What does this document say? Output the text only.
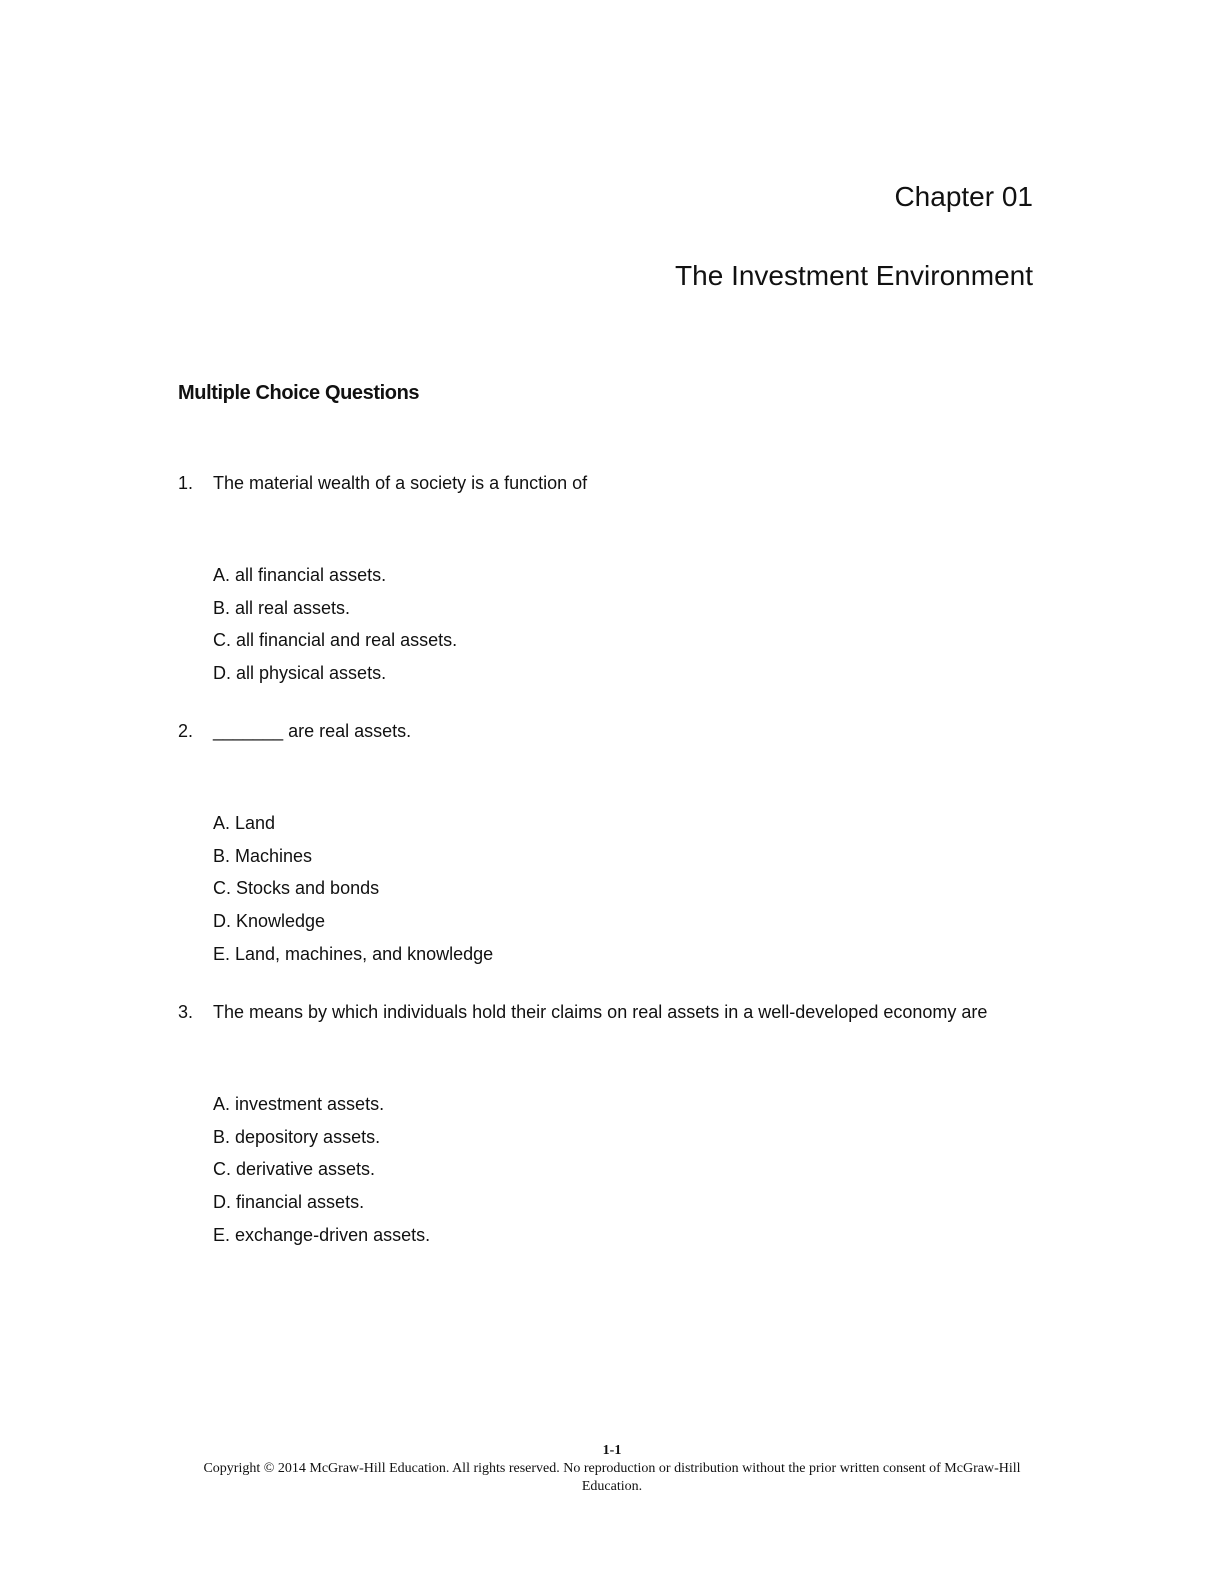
Chapter 01
The Investment Environment
Multiple Choice Questions
1. The material wealth of a society is a function of
A. all financial assets.
B. all real assets.
C. all financial and real assets.
D. all physical assets.
2. _______ are real assets.
A. Land
B. Machines
C. Stocks and bonds
D. Knowledge
E. Land, machines, and knowledge
3. The means by which individuals hold their claims on real assets in a well-developed economy are
A. investment assets.
B. depository assets.
C. derivative assets.
D. financial assets.
E. exchange-driven assets.
1-1
Copyright © 2014 McGraw-Hill Education. All rights reserved. No reproduction or distribution without the prior written consent of McGraw-Hill Education.
